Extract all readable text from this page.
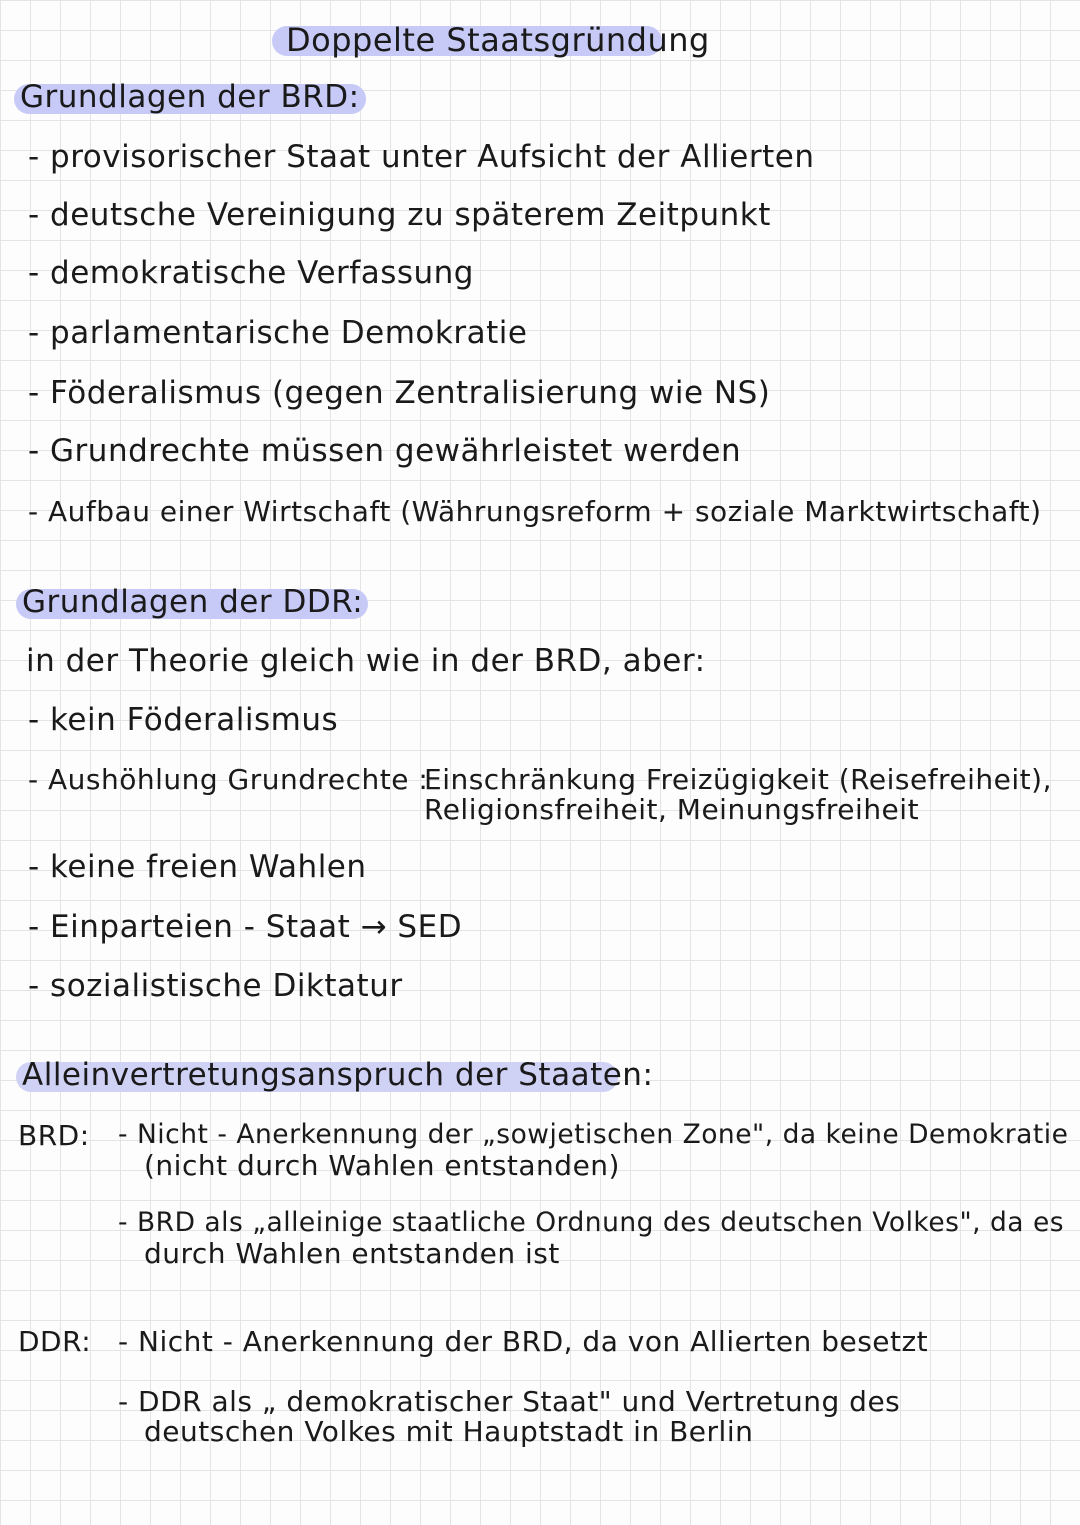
Doppelte Staatsgründung
Grundlagen der BRD:
- provisorischer Staat unter Aufsicht der Allierten
- deutsche Vereinigung zu späterem Zeitpunkt
- demokratische Verfassung
- parlamentarische Demokratie
- Föderalismus (gegen Zentralisierung wie NS)
- Grundrechte müssen gewährleistet werden
- Aufbau einer Wirtschaft (Währungsreform + soziale Marktwirtschaft)
Grundlagen der DDR:
in der Theorie gleich wie in der BRD, aber:
- kein Föderalismus
- Aushöhlung Grundrechte :
Einschränkung Freizügigkeit (Reisefreiheit),
Religionsfreiheit, Meinungsfreiheit
- keine freien Wahlen
- Einparteien - Staat → SED
- sozialistische Diktatur
Alleinvertretungsanspruch der Staaten:
BRD: - Nicht - Anerkennung der „sowjetischen Zone", da keine Demokratie
(nicht durch Wahlen entstanden)
- BRD als „alleinige staatliche Ordnung des deutschen Volkes", da es
durch Wahlen entstanden ist
DDR: - Nicht - Anerkennung der BRD, da von Allierten besetzt
- DDR als „ demokratischer Staat" und Vertretung des
deutschen Volkes mit Hauptstadt in Berlin
